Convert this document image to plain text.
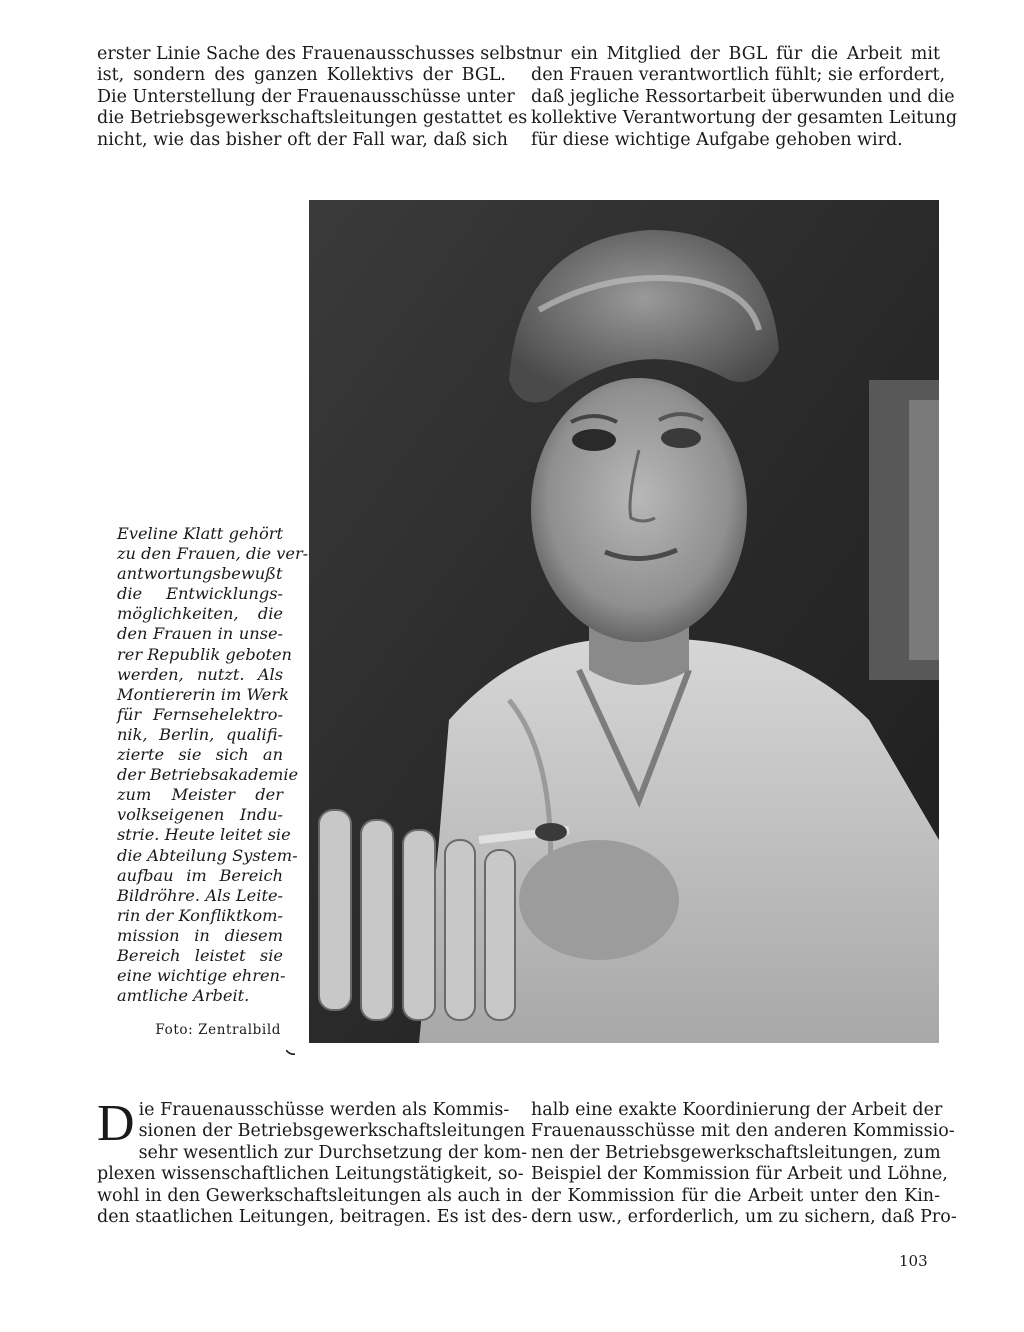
erster Linie Sache des Frauenausschusses selbst
ist, sondern des ganzen Kollektivs der BGL.
Die Unterstellung der Frauenausschüsse unter
die Betriebsgewerkschaftsleitungen gestattet es
nicht, wie das bisher oft der Fall war, daß sich
nur ein Mitglied der BGL für die Arbeit mit
den Frauen verantwortlich fühlt; sie erfordert,
daß jegliche Ressortarbeit überwunden und die
kollektive Verantwortung der gesamten Leitung
für diese wichtige Aufgabe gehoben wird.
Eveline Klatt gehört
zu den Frauen, die ver-
antwortungsbewußt
die Entwicklungs-
möglichkeiten, die
den Frauen in unse-
rer Republik geboten
werden, nutzt. Als
Montiererin im Werk
für Fernsehelektro-
nik, Berlin, qualifi-
zierte sie sich an
der Betriebsakademie
zum Meister der
volkseigenen Indu-
strie. Heute leitet sie
die Abteilung System-
aufbau im Bereich
Bildröhre. Als Leite-
rin der Konfliktkom-
mission in diesem
Bereich leistet sie
eine wichtige ehren-
amtliche Arbeit.
Foto: Zentralbild
D ie Frauenausschüsse werden als Kommis-
sionen der Betriebsgewerkschaftsleitungen
sehr wesentlich zur Durchsetzung der kom-
plexen wissenschaftlichen Leitungstätigkeit, so-
wohl in den Gewerkschaftsleitungen als auch in
den staatlichen Leitungen, beitragen. Es ist des-
halb eine exakte Koordinierung der Arbeit der
Frauenausschüsse mit den anderen Kommissio-
nen der Betriebsgewerkschaftsleitungen, zum
Beispiel der Kommission für Arbeit und Löhne,
der Kommission für die Arbeit unter den Kin-
dern usw., erforderlich, um zu sichern, daß Pro-
103
